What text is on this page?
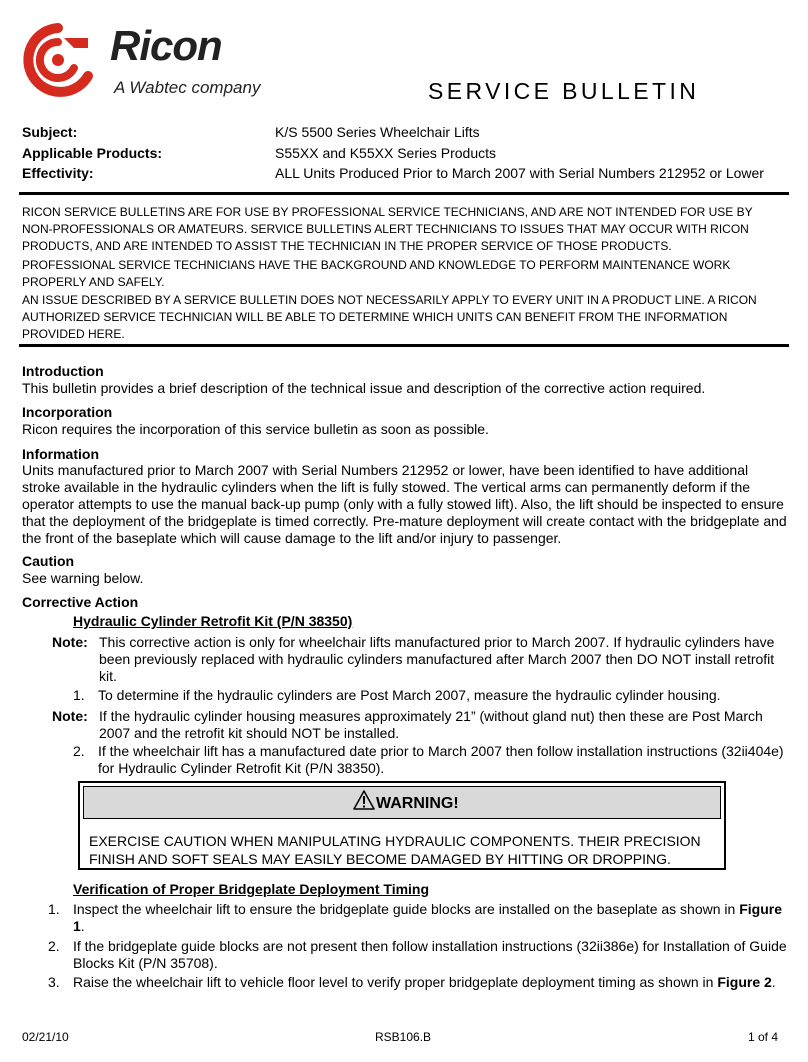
Ricon
A Wabtec company	SERVICE BULLETIN
Subject:	K/S 5500 Series Wheelchair Lifts
Applicable Products:	S55XX and K55XX Series Products
Effectivity:	ALL Units Produced Prior to March 2007 with Serial Numbers 212952 or Lower

RICON SERVICE BULLETINS ARE FOR USE BY PROFESSIONAL SERVICE TECHNICIANS, AND ARE NOT INTENDED FOR USE BY NON-PROFESSIONALS OR AMATEURS. SERVICE BULLETINS ALERT TECHNICIANS TO ISSUES THAT MAY OCCUR WITH RICON PRODUCTS, AND ARE INTENDED TO ASSIST THE TECHNICIAN IN THE PROPER SERVICE OF THOSE PRODUCTS.

PROFESSIONAL SERVICE TECHNICIANS HAVE THE BACKGROUND AND KNOWLEDGE TO PERFORM MAINTENANCE WORK PROPERLY AND SAFELY.

AN ISSUE DESCRIBED BY A SERVICE BULLETIN DOES NOT NECESSARILY APPLY TO EVERY UNIT IN A PRODUCT LINE. A RICON AUTHORIZED SERVICE TECHNICIAN WILL BE ABLE TO DETERMINE WHICH UNITS CAN BENEFIT FROM THE INFORMATION PROVIDED HERE.

Introduction

This bulletin provides a brief description of the technical issue and description of the corrective action required.

Incorporation

Ricon requires the incorporation of this service bulletin as soon as possible.

Information

Units manufactured prior to March 2007 with Serial Numbers 212952 or lower, have been identified to have additional stroke available in the hydraulic cylinders when the lift is fully stowed. The vertical arms can permanently deform if the operator attempts to use the manual back-up pump (only with a fully stowed lift). Also, the lift should be inspected to ensure that the deployment of the bridgeplate is timed correctly. Pre-mature deployment will create contact with the bridgeplate and the front of the baseplate which will cause damage to the lift and/or injury to passenger.

Caution

See warning below.

Corrective Action

Hydraulic Cylinder Retrofit Kit (P/N 38350)

Note: This corrective action is only for wheelchair lifts manufactured prior to March 2007. If hydraulic cylinders have been previously replaced with hydraulic cylinders manufactured after March 2007 then DO NOT install retrofit kit.
1. To determine if the hydraulic cylinders are Post March 2007, measure the hydraulic cylinder housing.
Note: If the hydraulic cylinder housing measures approximately 21” (without gland nut) then these are Post March 2007 and the retrofit kit should NOT be installed.
2. If the wheelchair lift has a manufactured date prior to March 2007 then follow installation instructions (32ii404e) for Hydraulic Cylinder Retrofit Kit (P/N 38350).
WARNING!
EXERCISE CAUTION WHEN MANIPULATING HYDRAULIC COMPONENTS. THEIR PRECISION FINISH AND SOFT SEALS MAY EASILY BECOME DAMAGED BY HITTING OR DROPPING.

Verification of Proper Bridgeplate Deployment Timing

1. Inspect the wheelchair lift to ensure the bridgeplate guide blocks are installed on the baseplate as shown in Figure 1.
2. If the bridgeplate guide blocks are not present then follow installation instructions (32ii386e) for Installation of Guide Blocks Kit (P/N 35708).
3. Raise the wheelchair lift to vehicle floor level to verify proper bridgeplate deployment timing as shown in Figure 2.
02/21/10	RSB106.B	1 of 4
